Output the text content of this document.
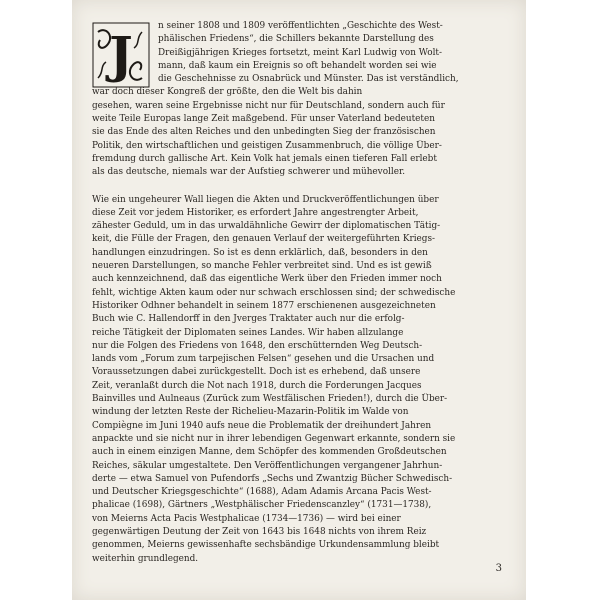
J	n seiner 1808 und 1809 veröffentlichten „Geschichte des West-
phälischen Friedens“, die Schillers bekannte Darstellung des
Dreißigjährigen Krieges fortsetzt, meint Karl Ludwig von Wolt-
mann, daß kaum ein Ereignis so oft behandelt worden sei wie
die Geschehnisse zu Osnabrück und Münster. Das ist verständlich,
war doch dieser Kongreß der größte, den die Welt bis dahin
gesehen, waren seine Ergebnisse nicht nur für Deutschland, sondern auch für
weite Teile Europas lange Zeit maßgebend. Für unser Vaterland bedeuteten
sie das Ende des alten Reiches und den unbedingten Sieg der französischen
Politik, den wirtschaftlichen und geistigen Zusammenbruch, die völlige Über-
fremdung durch gallische Art. Kein Volk hat jemals einen tieferen Fall erlebt
als das deutsche, niemals war der Aufstieg schwerer und mühevoller.
Wie ein ungeheurer Wall liegen die Akten und Druckveröffentlichungen über
diese Zeit vor jedem Historiker, es erfordert Jahre angestrengter Arbeit,
zähester Geduld, um in das urwaldähnliche Gewirr der diplomatischen Tätig-
keit, die Fülle der Fragen, den genauen Verlauf der weitergeführten Kriegs-
handlungen einzudringen. So ist es denn erklärlich, daß, besonders in den
neueren Darstellungen, so manche Fehler verbreitet sind. Und es ist gewiß
auch kennzeichnend, daß das eigentliche Werk über den Frieden immer noch
fehlt, wichtige Akten kaum oder nur schwach erschlossen sind; der schwedische
Historiker Odhner behandelt in seinem 1877 erschienenen ausgezeichneten
Buch wie C. Hallendorff in den Jverges Traktater auch nur die erfolg-
reiche Tätigkeit der Diplomaten seines Landes. Wir haben allzulange
nur die Folgen des Friedens von 1648, den erschütternden Weg Deutsch-
lands vom „Forum zum tarpejischen Felsen“ gesehen und die Ursachen und
Voraussetzungen dabei zurückgestellt. Doch ist es erhebend, daß unsere
Zeit, veranlaßt durch die Not nach 1918, durch die Forderungen Jacques
Bainvilles und Aulneaus (Zurück zum Westfälischen Frieden!), durch die Über-
windung der letzten Reste der Richelieu-Mazarin-Politik im Walde von
Compiègne im Juni 1940 aufs neue die Problematik der dreihundert Jahren
anpackte und sie nicht nur in ihrer lebendigen Gegenwart erkannte, sondern sie
auch in einem einzigen Manne, dem Schöpfer des kommenden Großdeutschen
Reiches, säkular umgestaltete. Den Veröffentlichungen vergangener Jahrhun-
derte — etwa Samuel von Pufendorfs „Sechs und Zwantzig Bücher Schwedisch-
und Deutscher Kriegsgeschichte“ (1688), Adam Adamis Arcana Pacis West-
phalicae (1698), Gärtners „Westphälischer Friedenscanzley“ (1731—1738),
von Meierns Acta Pacis Westphalicae (1734—1736) — wird bei einer
gegenwärtigen Deutung der Zeit von 1643 bis 1648 nichts von ihrem Reiz
genommen, Meierns gewissenhafte sechsbändige Urkundensammlung bleibt
weiterhin grundlegend.
3
